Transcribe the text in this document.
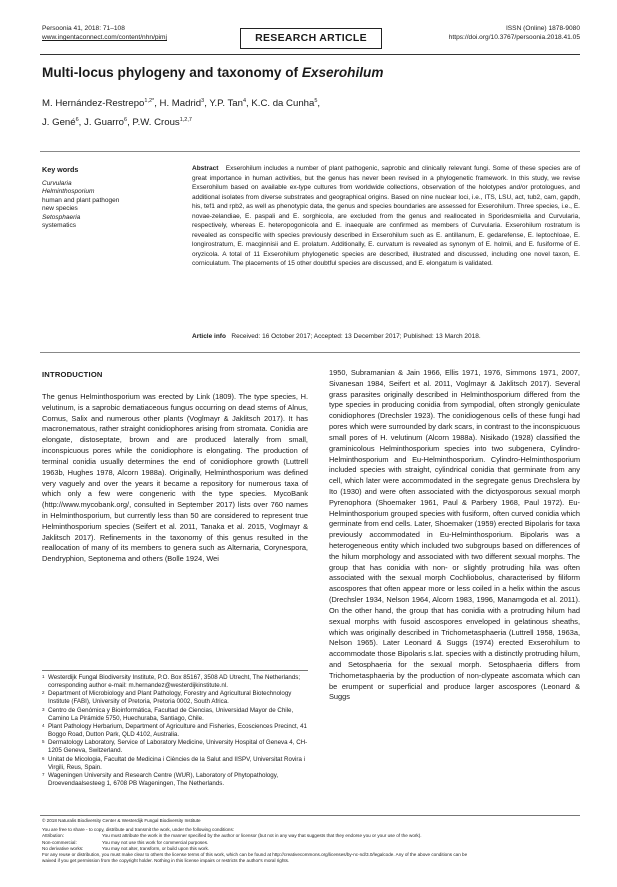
Persoonia 41, 2018: 71–108
www.ingentaconnect.com/content/nhn/pimj	RESEARCH ARTICLE
ISSN (Online) 1878-9080
https://doi.org/10.3767/persoonia.2018.41.05
Multi-locus phylogeny and taxonomy of Exserohilum
M. Hernández-Restrepo$^{1,2*}$, H. Madrid$^3$, Y.P. Tan$^4$, K.C. da Cunha$^5$,
J. Gené$^6$, J. Guarro$^6$, P.W. Crous$^{1,2,7}$
Key words
Curvularia
Helminthosporium
human and plant pathogen
new species
Setosphaeria
systematics
Abstract Exserohilum includes a number of plant pathogenic, saprobic and clinically relevant fungi. Some of these species are of great importance in human activities, but the genus has never been revised in a phylogenetic framework. In this study, we revise Exserohilum based on available ex-type cultures from worldwide collections, observation of the holotypes and/or protologues, and additional isolates from diverse substrates and geographical origins. Based on nine nuclear loci, i.e., ITS, LSU, act, tub2, cam, gapdh, his, tef1 and rpb2, as well as phenotypic data, the genus and species boundaries are assessed for Exserohilum. Three species, i.e., E. novae-zelandiae, E. paspali and E. sorghicola, are excluded from the genus and reallocated in Sporidesmiella and Curvularia, respectively, whereas E. heteropogonicola and E. inaequale are confirmed as members of Curvularia. Exserohilum rostratum is revealed as conspecific with species previously described in Exserohilum such as E. antillanum, E. gedarefense, E. leptochloae, E. longirostratum, E. macginnisii and E. prolatum. Additionally, E. curvatum is revealed as synonym of E. holmii, and E. fusiforme of E. oryzicola. A total of 11 Exserohilum phylogenetic species are described, illustrated and discussed, including one novel taxon, E. corniculatum. The placements of 15 other doubtful species are discussed, and E. elongatum is validated.
Article info Received: 16 October 2017; Accepted: 13 December 2017; Published: 13 March 2018.
INTRODUCTION
The genus Helminthosporium was erected by Link (1809). The type species, H. velutinum, is a saprobic dematiaceous fungus occurring on dead stems of Alnus, Cornus, Salix and numerous other plants (Voglmayr & Jaklitsch 2017). It has macronematous, rather straight conidiophores arising from stromata. Conidia are elongate, distoseptate, brown and are produced laterally from small, inconspicuous pores while the conidiophore is elongating. The production of terminal conidia usually determines the end of conidiophore growth (Luttrell 1963b, Hughes 1978, Alcorn 1988a). Originally, Helminthosporium was defined very vaguely and over the years it became a repository for numerous taxa of which only a few were congeneric with the type species. MycoBank (http://www.mycobank.org/, consulted in September 2017) lists over 760 names in Helminthosporium, but currently less than 50 are considered to represent true Helminthosporium species (Seifert et al. 2011, Tanaka et al. 2015, Voglmayr & Jaklitsch 2017). Refinements in the taxonomy of this genus resulted in the reallocation of many of its members to genera such as Alternaria, Corynespora, Dendryphion, Septonema and others (Bolle 1924, Wei
1950, Subramanian & Jain 1966, Ellis 1971, 1976, Simmons 1971, 2007, Sivanesan 1984, Seifert et al. 2011, Voglmayr & Jaklitsch 2017). Several grass parasites originally described in Helminthosporium differed from the type species in producing conidia from sympodial, often strongly geniculate conidiophores (Drechsler 1923). The conidiogenous cells of these fungi had pores which were surrounded by dark scars, in contrast to the inconspicuous small pores of H. velutinum (Alcorn 1988a). Nisikado (1928) classified the graminicolous Helminthosporium species into two subgenera, Cylindro-Helminthosporium and Eu-Helminthosporium. Cylindro-Helminthosporium included species with straight, cylindrical conidia that germinate from any cell, which later were accommodated in the segregate genus Drechslera by Ito (1930) and were often associated with the dictyosporous sexual morph Pyrenophora (Shoemaker 1961, Paul & Parbery 1968, Paul 1972). Eu-Helminthosporium grouped species with fusiform, often curved conidia which germinate from end cells. Later, Shoemaker (1959) erected Bipolaris for taxa previously accommodated in Eu-Helminthosporium. Bipolaris was a heterogeneous entity which included two subgroups based on differences of the hilum morphology and associated with two different sexual morphs. The group that has conidia with non- or slightly protruding hila was often associated with the sexual morph Cochliobolus, characterised by filiform ascospores that often appear more or less coiled in a helix within the ascus (Drechsler 1934, Nelson 1964, Alcorn 1983, 1996, Manamgoda et al. 2011). On the other hand, the group that has conidia with a protruding hilum had sexual morphs with fusoid ascospores enveloped in gelatinous sheaths, which was originally described in Trichometasphaeria (Luttrell 1958, 1963a, Nelson 1965). Later Leonard & Suggs (1974) erected Exserohilum to accommodate those Bipolaris s.lat. species with a distinctly protruding hilum, and Setosphaeria for the sexual morph. Setosphaeria differs from Trichometasphaeria by the production of non-clypeate ascomata which can be erumpent or superficial and produce larger ascospores (Leonard & Suggs
1 Westerdijk Fungal Biodiversity Institute, P.O. Box 85167, 3508 AD Utrecht, The Netherlands; corresponding author e-mail: m.hernandez@westerdijkinstitute.nl.
2 Department of Microbiology and Plant Pathology, Forestry and Agricultural Biotechnology Institute (FABI), University of Pretoria, Pretoria 0002, South Africa.
3 Centro de Genómica y Bioinformática, Facultad de Ciencias, Universidad Mayor de Chile, Camino La Pirámide 5750, Huechuraba, Santiago, Chile.
4 Plant Pathology Herbarium, Department of Agriculture and Fisheries, Ecosciences Precinct, 41 Boggo Road, Dutton Park, QLD 4102, Australia.
5 Dermatology Laboratory, Service of Laboratory Medicine, University Hospital of Geneva 4, CH-1205 Geneva, Switzerland.
6 Unitat de Micologia, Facultat de Medicina i Ciències de la Salut and IISPV, Universitat Rovira i Virgili, Reus, Spain.
7 Wageningen University and Research Centre (WUR), Laboratory of Phytopathology, Droevendaalsesteeg 1, 6708 PB Wageningen, The Netherlands.
© 2018 Naturalis Biodiversity Center & Westerdijk Fungal Biodiversity Institute
You are free to share - to copy, distribute and transmit the work, under the following conditions:
Attribution:	You must attribute the work in the manner specified by the author or licensor (but not in any way that suggests that they endorse you or your use of the work).
Non-commercial:	You may not use this work for commercial purposes.
No derivative works:	You may not alter, transform, or build upon this work.
For any reuse or distribution, you must make clear to others the license terms of this work, which can be found at http://creativecommons.org/licenses/by-nc-nd/3.0/legalcode. Any of the above conditions can be
waived if you get permission from the copyright holder. Nothing in this license impairs or restricts the author's moral rights.
